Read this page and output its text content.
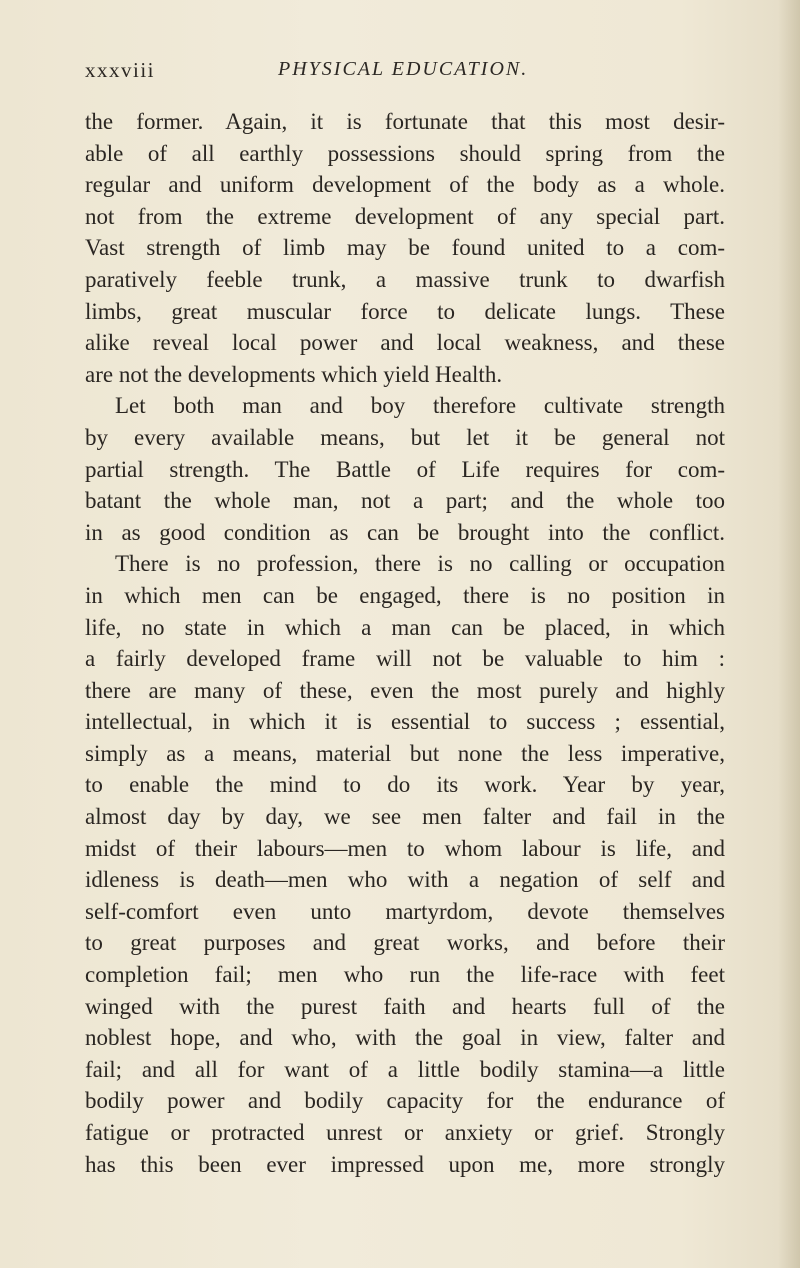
xxxviii	PHYSICAL EDUCATION.
the former. Again, it is fortunate that this most desir-
able of all earthly possessions should spring from the
regular and uniform development of the body as a whole.
not from the extreme development of any special part.
Vast strength of limb may be found united to a com-
paratively feeble trunk, a massive trunk to dwarfish
limbs, great muscular force to delicate lungs. These
alike reveal local power and local weakness, and these
are not the developments which yield Health.
Let both man and boy therefore cultivate strength
by every available means, but let it be general not
partial strength. The Battle of Life requires for com-
batant the whole man, not a part; and the whole too
in as good condition as can be brought into the conflict.
There is no profession, there is no calling or occupation
in which men can be engaged, there is no position in
life, no state in which a man can be placed, in which
a fairly developed frame will not be valuable to him :
there are many of these, even the most purely and highly
intellectual, in which it is essential to success ; essential,
simply as a means, material but none the less imperative,
to enable the mind to do its work. Year by year,
almost day by day, we see men falter and fail in the
midst of their labours—men to whom labour is life, and
idleness is death—men who with a negation of self and
self-comfort even unto martyrdom, devote themselves
to great purposes and great works, and before their
completion fail; men who run the life-race with feet
winged with the purest faith and hearts full of the
noblest hope, and who, with the goal in view, falter and
fail; and all for want of a little bodily stamina—a little
bodily power and bodily capacity for the endurance of
fatigue or protracted unrest or anxiety or grief. Strongly
has this been ever impressed upon me, more strongly
